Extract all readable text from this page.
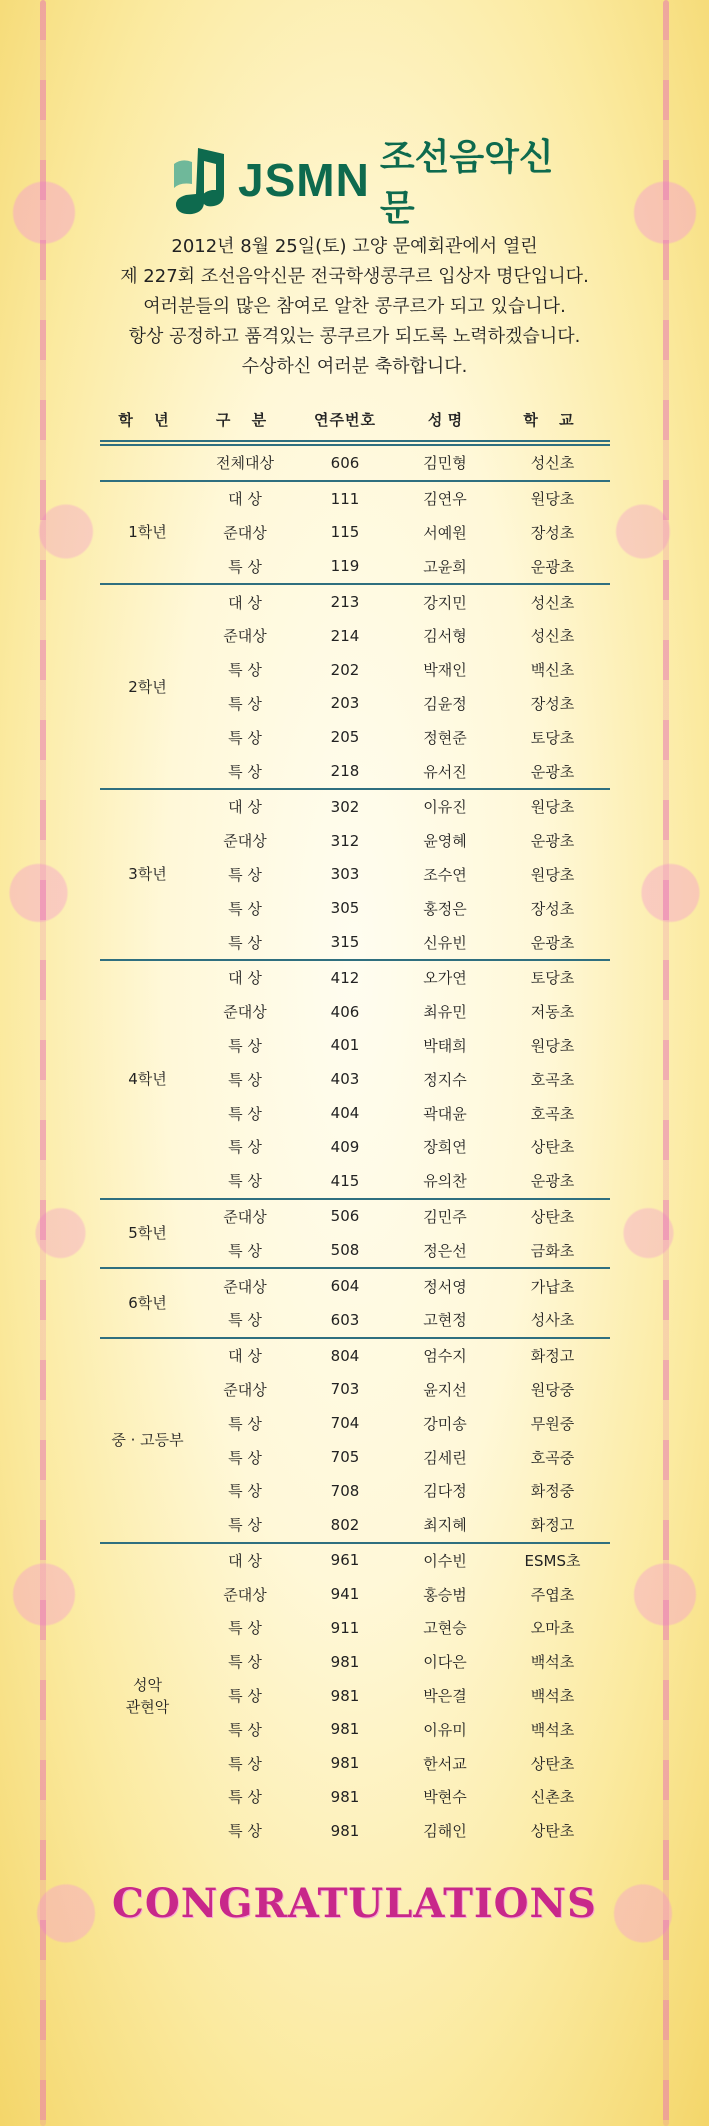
JSMN 조선음악신문
2012년 8월 25일(토) 고양 문예회관에서 열린
제 227회 조선음악신문 전국학생콩쿠르 입상자 명단입니다.
여러분들의 많은 참여로 알찬 콩쿠르가 되고 있습니다.
항상 공정하고 품격있는 콩쿠르가 되도록 노력하겠습니다.
수상하신 여러분 축하합니다.
학 년	구 분	연주번호	성 명	학 교
전체대상	606	김민형	성신초
1학년
대 상	111	김연우	원당초
준대상	115	서예원	장성초
특 상	119	고윤희	운광초
2학년
대 상	213	강지민	성신초
준대상	214	김서형	성신초
특 상	202	박재인	백신초
특 상	203	김윤정	장성초
특 상	205	정현준	토당초
특 상	218	유서진	운광초
3학년
대 상	302	이유진	원당초
준대상	312	윤영혜	운광초
특 상	303	조수연	원당초
특 상	305	홍정은	장성초
특 상	315	신유빈	운광초
4학년
대 상	412	오가연	토당초
준대상	406	최유민	저동초
특 상	401	박태희	원당초
특 상	403	정지수	호곡초
특 상	404	곽대윤	호곡초
특 상	409	장희연	상탄초
특 상	415	유의찬	운광초
5학년
준대상	506	김민주	상탄초
특 상	508	정은선	금화초
6학년
준대상	604	정서영	가납초
특 상	603	고현정	성사초
중 · 고등부
대 상	804	엄수지	화정고
준대상	703	윤지선	원당중
특 상	704	강미송	무원중
특 상	705	김세린	호곡중
특 상	708	김다정	화정중
특 상	802	최지혜	화정고
성악
관현악
대 상	961	이수빈	ESMS초
준대상	941	홍승범	주엽초
특 상	911	고현승	오마초
특 상	981	이다은	백석초
특 상	981	박은결	백석초
특 상	981	이유미	백석초
특 상	981	한서교	상탄초
특 상	981	박현수	신촌초
특 상	981	김해인	상탄초
CONGRATULATIONS
